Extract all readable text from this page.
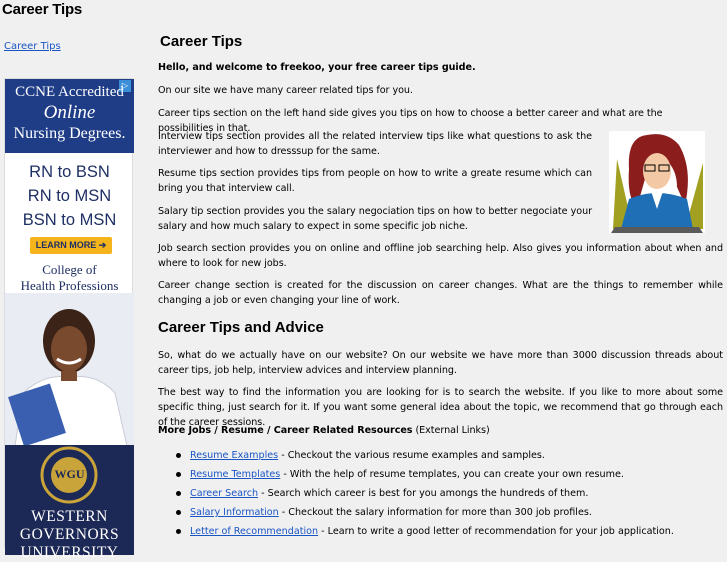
Career Tips
Career Tips
▷
CCNE Accredited
Online
Nursing Degrees.
RN to BSN
RN to MSN
BSN to MSN
LEARN MORE ➔
College of
Health Professions
WGU
WESTERN
GOVERNORS
UNIVERSITY
Career Tips
Hello, and welcome to freekoo, your free career tips guide.
On our site we have many career related tips for you.
Career tips section on the left hand side gives you tips on how to choose a better career and what are the possibilities in that.
Interview tips section provides all the related interview tips like what questions to ask the interviewer and how to dresssup for the same.
Resume tips section provides tips from people on how to write a greate resume which can bring you that interview call.
Salary tip section provides you the salary negociation tips on how to better negociate your salary and how much salary to expect in some specific job niche.
Job search section provides you on online and offline job searching help. Also gives you information about when and where to look for new jobs.
Career change section is created for the discussion on career changes. What are the things to remember while changing a job or even changing your line of work.
Career Tips and Advice
So, what do we actually have on our website? On our website we have more than 3000 discussion threads about career tips, job help, interview advices and interview planning.
The best way to find the information you are looking for is to search the website. If you like to more about some specific thing, just search for it. If you want some general idea about the topic, we recommend that go through each of the career sessions.
More Jobs / Resume / Career Related Resources (External Links)
Resume Examples - Checkout the various resume examples and samples.
Resume Templates - With the help of resume templates, you can create your own resume.
Career Search - Search which career is best for you amongs the hundreds of them.
Salary Information - Checkout the salary information for more than 300 job profiles.
Letter of Recommendation - Learn to write a good letter of recommendation for your job application.
